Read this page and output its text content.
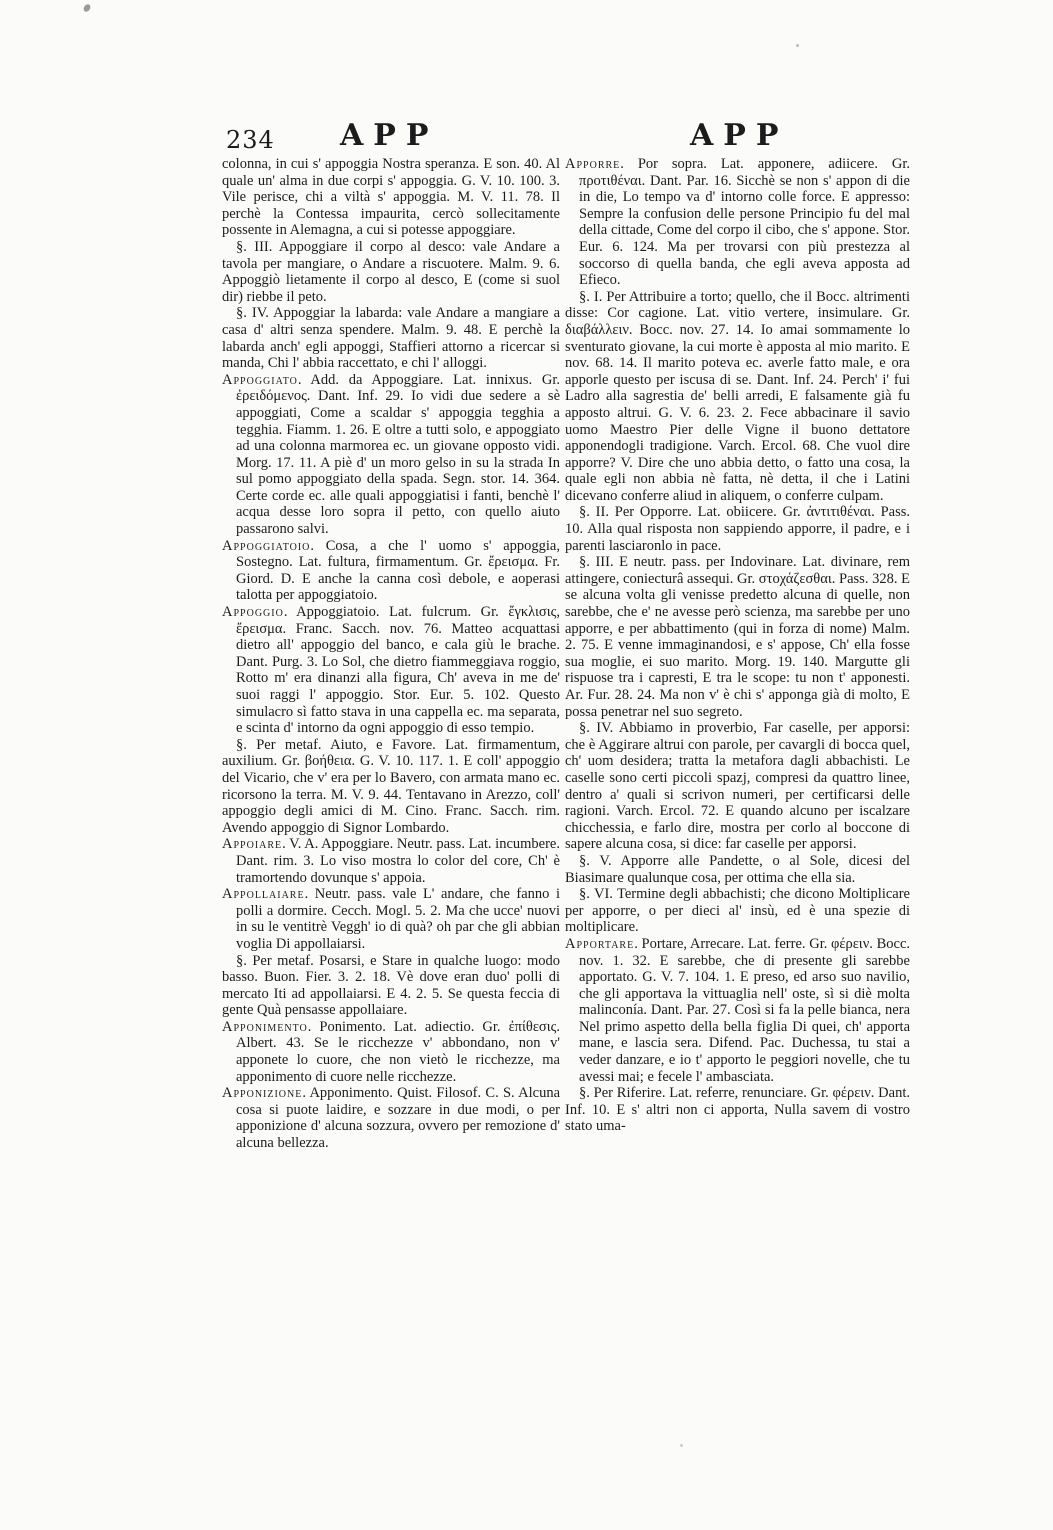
234 APP	APP

colonna, in cui s' appoggia Nostra speranza. E son. 40. Al quale un' alma in due corpi s' appoggia. G. V. 10. 100. 3. Vile perisce, chi a viltà s' appoggia. M. V. 11. 78. Il perchè la Contessa impaurita, cercò sollecitamente possente in Alemagna, a cui si potesse appoggiare.

§. III. Appoggiare il corpo al desco: vale Andare a tavola per mangiare, o Andare a riscuotere. Malm. 9. 6. Appoggiò lietamente il corpo al desco, E (come si suol dir) riebbe il peto.

§. IV. Appoggiar la labarda: vale Andare a mangiare a casa d' altri senza spendere. Malm. 9. 48. E perchè la labarda anch' egli appoggi, Staffieri attorno a ricercar si manda, Chi l' abbia raccettato, e chi l' alloggi.

Appoggiato. Add. da Appoggiare. Lat. innixus. Gr. ἐρειδόμενος. Dant. Inf. 29. Io vidi due sedere a sè appoggiati, Come a scaldar s' appoggia tegghia a tegghia. Fiamm. 1. 26. E oltre a tutti solo, e appoggiato ad una colonna marmorea ec. un giovane opposto vidi. Morg. 17. 11. A piè d' un moro gelso in su la strada In sul pomo appoggiato della spada. Segn. stor. 14. 364. Certe corde ec. alle quali appoggiatisi i fanti, benchè l' acqua desse loro sopra il petto, con quello aiuto passarono salvi.

Appoggiatoio. Cosa, a che l' uomo s' appoggia, Sostegno. Lat. fultura, firmamentum. Gr. ἔρεισμα. Fr. Giord. D. E anche la canna così debole, e aoperasi talotta per appoggiatoio.

Appoggio. Appoggiatoio. Lat. fulcrum. Gr. ἔγκλισις, ἔρεισμα. Franc. Sacch. nov. 76. Matteo acquattasi dietro all' appoggio del banco, e cala giù le brache. Dant. Purg. 3. Lo Sol, che dietro fiammeggiava roggio, Rotto m' era dinanzi alla figura, Ch' aveva in me de' suoi raggi l' appoggio. Stor. Eur. 5. 102. Questo simulacro sì fatto stava in una cappella ec. ma separata, e scinta d' intorno da ogni appoggio di esso tempio.

§. Per metaf. Aiuto, e Favore. Lat. firmamentum, auxilium. Gr. βοήθεια. G. V. 10. 117. 1. E coll' appoggio del Vicario, che v' era per lo Bavero, con armata mano ec. ricorsono la terra. M. V. 9. 44. Tentavano in Arezzo, coll' appoggio degli amici di M. Cino. Franc. Sacch. rim. Avendo appoggio di Signor Lombardo.

Appoiare. V. A. Appoggiare. Neutr. pass. Lat. incumbere. Dant. rim. 3. Lo viso mostra lo color del core, Ch' è tramortendo dovunque s' appoia.

Appollaiare. Neutr. pass. vale L' andare, che fanno i polli a dormire. Cecch. Mogl. 5. 2. Ma che ucce' nuovi in su le ventitrè Veggh' io di quà? oh par che gli abbian voglia Di appollaiarsi.

§. Per metaf. Posarsi, e Stare in qualche luogo: modo basso. Buon. Fier. 3. 2. 18. Vè dove eran duo' polli di mercato Iti ad appollaiarsi. E 4. 2. 5. Se questa feccia di gente Quà pensasse appollaiare.

Apponimento. Ponimento. Lat. adiectio. Gr. ἐπίθεσις. Albert. 43. Se le ricchezze v' abbondano, non v' apponete lo cuore, che non vietò le ricchezze, ma apponimento di cuore nelle ricchezze.

Apponizione. Apponimento. Quist. Filosof. C. S. Alcuna cosa si puote laidire, e sozzare in due modi, o per apponizione d' alcuna sozzura, ovvero per remozione d' alcuna bellezza.

Apporre. Por sopra. Lat. apponere, adiicere. Gr. προτιθέναι. Dant. Par. 16. Sicchè se non s' appon di die in die, Lo tempo va d' intorno colle force. E appresso: Sempre la confusion delle persone Principio fu del mal della cittade, Come del corpo il cibo, che s' appone. Stor. Eur. 6. 124. Ma per trovarsi con più prestezza al soccorso di quella banda, che egli aveva apposta ad Efieco.

§. I. Per Attribuire a torto; quello, che il Bocc. altrimenti disse: Cor cagione. Lat. vitio vertere, insimulare. Gr. διαβάλλειν. Bocc. nov. 27. 14. Io amai sommamente lo sventurato giovane, la cui morte è apposta al mio marito. E nov. 68. 14. Il marito poteva ec. averle fatto male, e ora apporle questo per iscusa di se. Dant. Inf. 24. Perch' i' fui Ladro alla sagrestia de' belli arredi, E falsamente già fu apposto altrui. G. V. 6. 23. 2. Fece abbacinare il savio uomo Maestro Pier delle Vigne il buono dettatore apponendogli tradigione. Varch. Ercol. 68. Che vuol dire apporre? V. Dire che uno abbia detto, o fatto una cosa, la quale egli non abbia nè fatta, nè detta, il che i Latini dicevano conferre aliud in aliquem, o conferre culpam.

§. II. Per Opporre. Lat. obiicere. Gr. ἀντιτιθέναι. Pass. 10. Alla qual risposta non sappiendo apporre, il padre, e i parenti lasciaronlo in pace.

§. III. E neutr. pass. per Indovinare. Lat. divinare, rem attingere, coniecturâ assequi. Gr. στοχάζεσθαι. Pass. 328. E se alcuna volta gli venisse predetto alcuna di quelle, non sarebbe, che e' ne avesse però scienza, ma sarebbe per uno apporre, e per abbattimento (qui in forza di nome) Malm. 2. 75. E venne immaginandosi, e s' appose, Ch' ella fosse sua moglie, ei suo marito. Morg. 19. 140. Margutte gli rispuose tra i capresti, E tra le scope: tu non t' apponesti. Ar. Fur. 28. 24. Ma non v' è chi s' apponga già di molto, E possa penetrar nel suo segreto.

§. IV. Abbiamo in proverbio, Far caselle, per apporsi: che è Aggirare altrui con parole, per cavargli di bocca quel, ch' uom desidera; tratta la metafora dagli abbachisti. Le caselle sono certi piccoli spazj, compresi da quattro linee, dentro a' quali si scrivon numeri, per certificarsi delle ragioni. Varch. Ercol. 72. E quando alcuno per iscalzare chicchessia, e farlo dire, mostra per corlo al boccone di sapere alcuna cosa, si dice: far caselle per apporsi.

§. V. Apporre alle Pandette, o al Sole, dicesi del Biasimare qualunque cosa, per ottima che ella sia.

§. VI. Termine degli abbachisti; che dicono Moltiplicare per apporre, o per dieci al' insù, ed è una spezie di moltiplicare.

Apportare. Portare, Arrecare. Lat. ferre. Gr. φέρειν. Bocc. nov. 1. 32. E sarebbe, che di presente gli sarebbe apportato. G. V. 7. 104. 1. E preso, ed arso suo navilio, che gli apportava la vittuaglia nell' oste, sì si diè molta malinconía. Dant. Par. 27. Così si fa la pelle bianca, nera Nel primo aspetto della bella figlia Di quei, ch' apporta mane, e lascia sera. Difend. Pac. Duchessa, tu stai a veder danzare, e io t' apporto le peggiori novelle, che tu avessi mai; e fecele l' ambasciata.

§. Per Riferire. Lat. referre, renunciare. Gr. φέρειν. Dant. Inf. 10. E s' altri non ci apporta, Nulla savem di vostro stato uma-
